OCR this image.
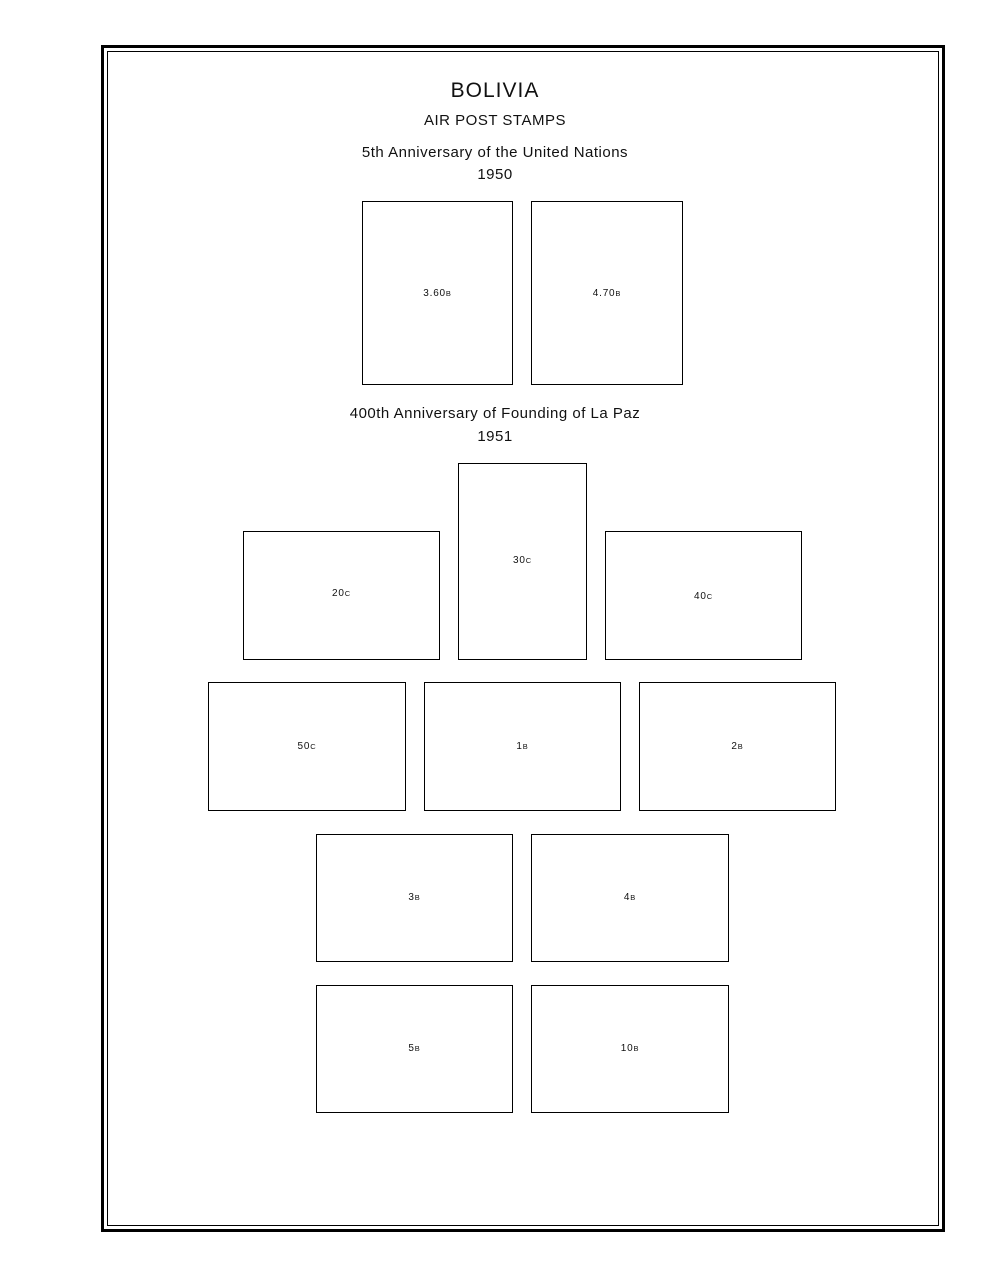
BOLIVIA
AIR POST STAMPS
5th Anniversary of the United Nations
1950
3.60B	4.70B
400th Anniversary of Founding of La Paz
1951
20C
30C
40C
50C	1B	2B
3B	4B
5B	10B
